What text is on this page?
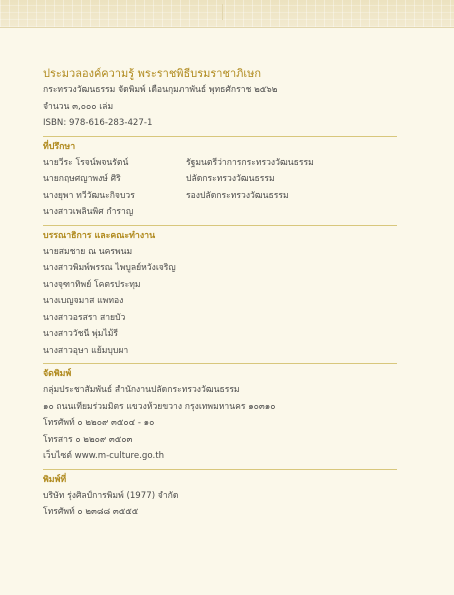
ประมวลองค์ความรู้ พระราชพิธีบรมราชาภิเษก
กระทรวงวัฒนธรรม จัดพิมพ์ เดือนกุมภาพันธ์ พุทธศักราช ๒๕๖๒
จำนวน ๓,๐๐๐ เล่ม
ISBN: 978-616-283-427-1
ที่ปรึกษา
นายวีระ โรจน์พจนรัตน์	รัฐมนตรีว่าการกระทรวงวัฒนธรรม
นายกฤษศญาพงษ์ ศิริ	ปลัดกระทรวงวัฒนธรรม
นางยุพา ทวีวัฒนะกิจบวร	รองปลัดกระทรวงวัฒนธรรม
นางสาวเพลินพิศ กำราญ
บรรณาธิการ และคณะทำงาน
นายสมชาย ณ นครพนม
นางสาวพิมพ์พรรณ ไพบูลย์หวังเจริญ
นางจุฑาทิพย์ โคตรประทุม
นางเบญจมาส แพทอง
นางสาวอรสรา สายบัว
นางสาววัชนี พุ่มไม้รี
นางสาวอุษา แย้มบุบผา
จัดพิมพ์
กลุ่มประชาสัมพันธ์ สำนักงานปลัดกระทรวงวัฒนธรรม
๑๐ ถนนเทียมร่วมมิตร แขวงห้วยขวาง กรุงเทพมหานคร ๑๐๓๑๐
โทรศัพท์ ๐ ๒๒๐๙ ๓๕๐๔ - ๑๐
โทรสาร ๐ ๒๒๐๙ ๓๕๐๓
เว็บไซต์ www.m-culture.go.th
พิมพ์ที่
บริษัท รุ่งศิลป์การพิมพ์ (1977) จำกัด
โทรศัพท์ ๐ ๒๓๘๘ ๓๕๕๕
